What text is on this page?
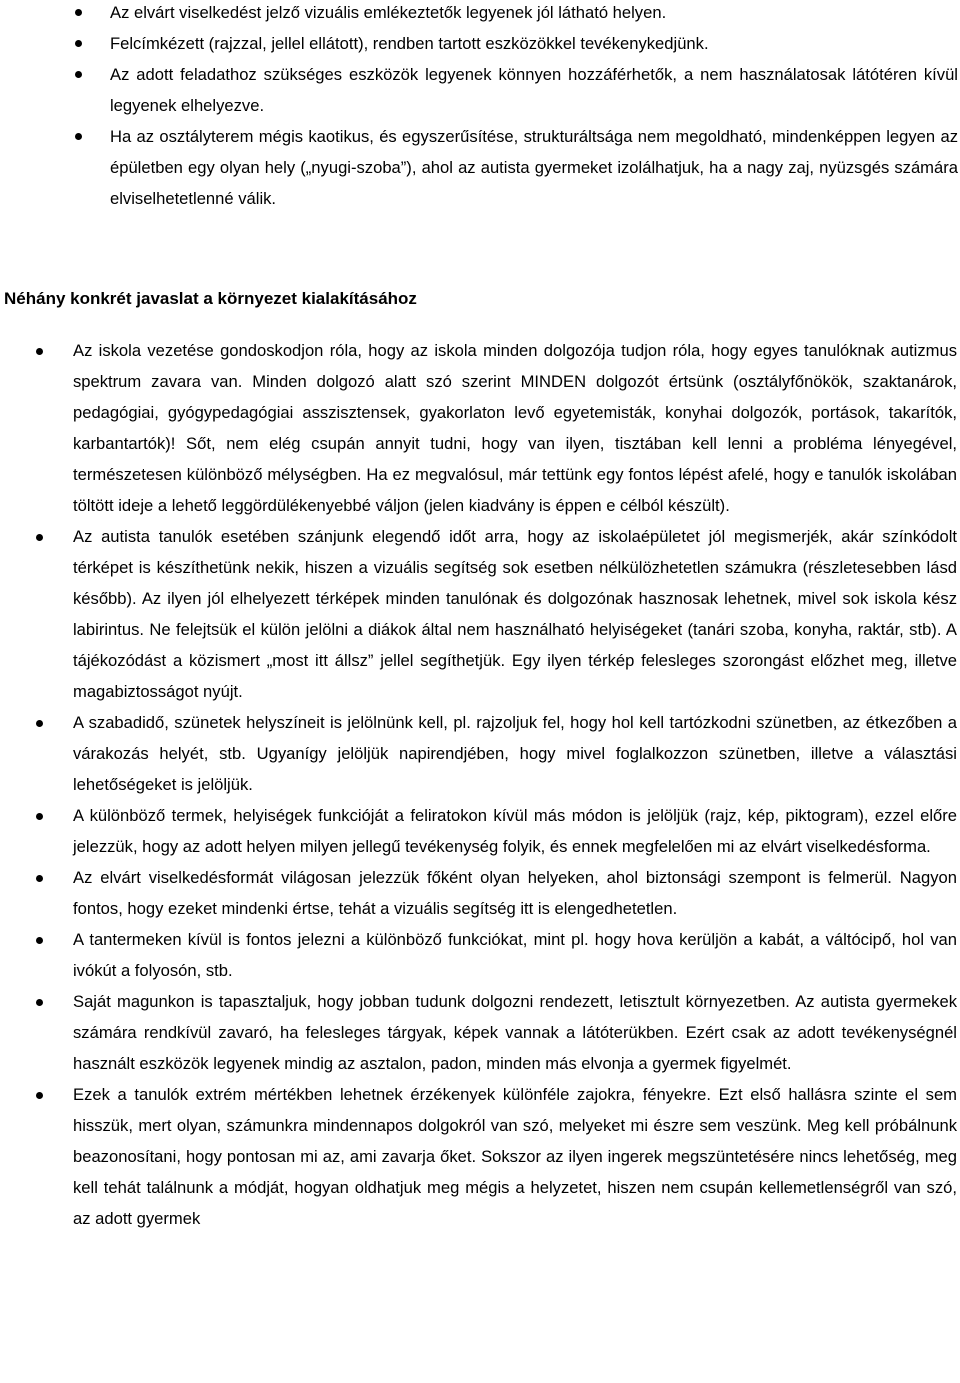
Az elvárt viselkedést jelző vizuális emlékeztetők legyenek jól látható helyen.
Felcímkézett (rajzzal, jellel ellátott), rendben tartott eszközökkel tevékenykedjünk.
Az adott feladathoz szükséges eszközök legyenek könnyen hozzáférhetők, a nem használatosak látótéren kívül legyenek elhelyezve.
Ha az osztályterem mégis kaotikus, és egyszerűsítése, strukturáltsága nem megoldható, mindenképpen legyen az épületben egy olyan hely („nyugi-szoba”), ahol az autista gyermeket izolálhatjuk, ha a nagy zaj, nyüzsgés számára elviselhetetlenné válik.
Néhány konkrét javaslat a környezet kialakításához
Az iskola vezetése gondoskodjon róla, hogy az iskola minden dolgozója tudjon róla, hogy egyes tanulóknak autizmus spektrum zavara van. Minden dolgozó alatt szó szerint MINDEN dolgozót értsünk (osztályfőnökök, szaktanárok, pedagógiai, gyógypedagógiai asszisztensek, gyakorlaton levő egyetemisták, konyhai dolgozók, portások, takarítók, karbantartók)! Sőt, nem elég csupán annyit tudni, hogy van ilyen, tisztában kell lenni a probléma lényegével, természetesen különböző mélységben. Ha ez megvalósul, már tettünk egy fontos lépést afelé, hogy e tanulók iskolában töltött ideje a lehető leggördülékenyebbé váljon (jelen kiadvány is éppen e célból készült).
Az autista tanulók esetében szánjunk elegendő időt arra, hogy az iskolaépületet jól megismerjék, akár színkódolt térképet is készíthetünk nekik, hiszen a vizuális segítség sok esetben nélkülözhetetlen számukra (részletesebben lásd később). Az ilyen jól elhelyezett térképek minden tanulónak és dolgozónak hasznosak lehetnek, mivel sok iskola kész labirintus. Ne felejtsük el külön jelölni a diákok által nem használható helyiségeket (tanári szoba, konyha, raktár, stb). A tájékozódást a közismert „most itt állsz” jellel segíthetjük. Egy ilyen térkép felesleges szorongást előzhet meg, illetve magabiztosságot nyújt.
A szabadidő, szünetek helyszíneit is jelölnünk kell, pl. rajzoljuk fel, hogy hol kell tartózkodni szünetben, az étkezőben a várakozás helyét, stb. Ugyanígy jelöljük napirendjében, hogy mivel foglalkozzon szünetben, illetve a választási lehetőségeket is jelöljük.
A különböző termek, helyiségek funkcióját a feliratokon kívül más módon is jelöljük (rajz, kép, piktogram), ezzel előre jelezzük, hogy az adott helyen milyen jellegű tevékenység folyik, és ennek megfelelően mi az elvárt viselkedésforma.
Az elvárt viselkedésformát világosan jelezzük főként olyan helyeken, ahol biztonsági szempont is felmerül. Nagyon fontos, hogy ezeket mindenki értse, tehát a vizuális segítség itt is elengedhetetlen.
A tantermeken kívül is fontos jelezni a különböző funkciókat, mint pl. hogy hova kerüljön a kabát, a váltócipő, hol van ivókút a folyosón, stb.
Saját magunkon is tapasztaljuk, hogy jobban tudunk dolgozni rendezett, letisztult környezetben. Az autista gyermekek számára rendkívül zavaró, ha felesleges tárgyak, képek vannak a látóterükben. Ezért csak az adott tevékenységnél használt eszközök legyenek mindig az asztalon, padon, minden más elvonja a gyermek figyelmét.
Ezek a tanulók extrém mértékben lehetnek érzékenyek különféle zajokra, fényekre. Ezt első hallásra szinte el sem hisszük, mert olyan, számunkra mindennapos dolgokról van szó, melyeket mi észre sem veszünk. Meg kell próbálnunk beazonosítani, hogy pontosan mi az, ami zavarja őket. Sokszor az ilyen ingerek megszüntetésére nincs lehetőség, meg kell tehát találnunk a módját, hogyan oldhatjuk meg mégis a helyzetet, hiszen nem csupán kellemetlenségről van szó, az adott gyermek
